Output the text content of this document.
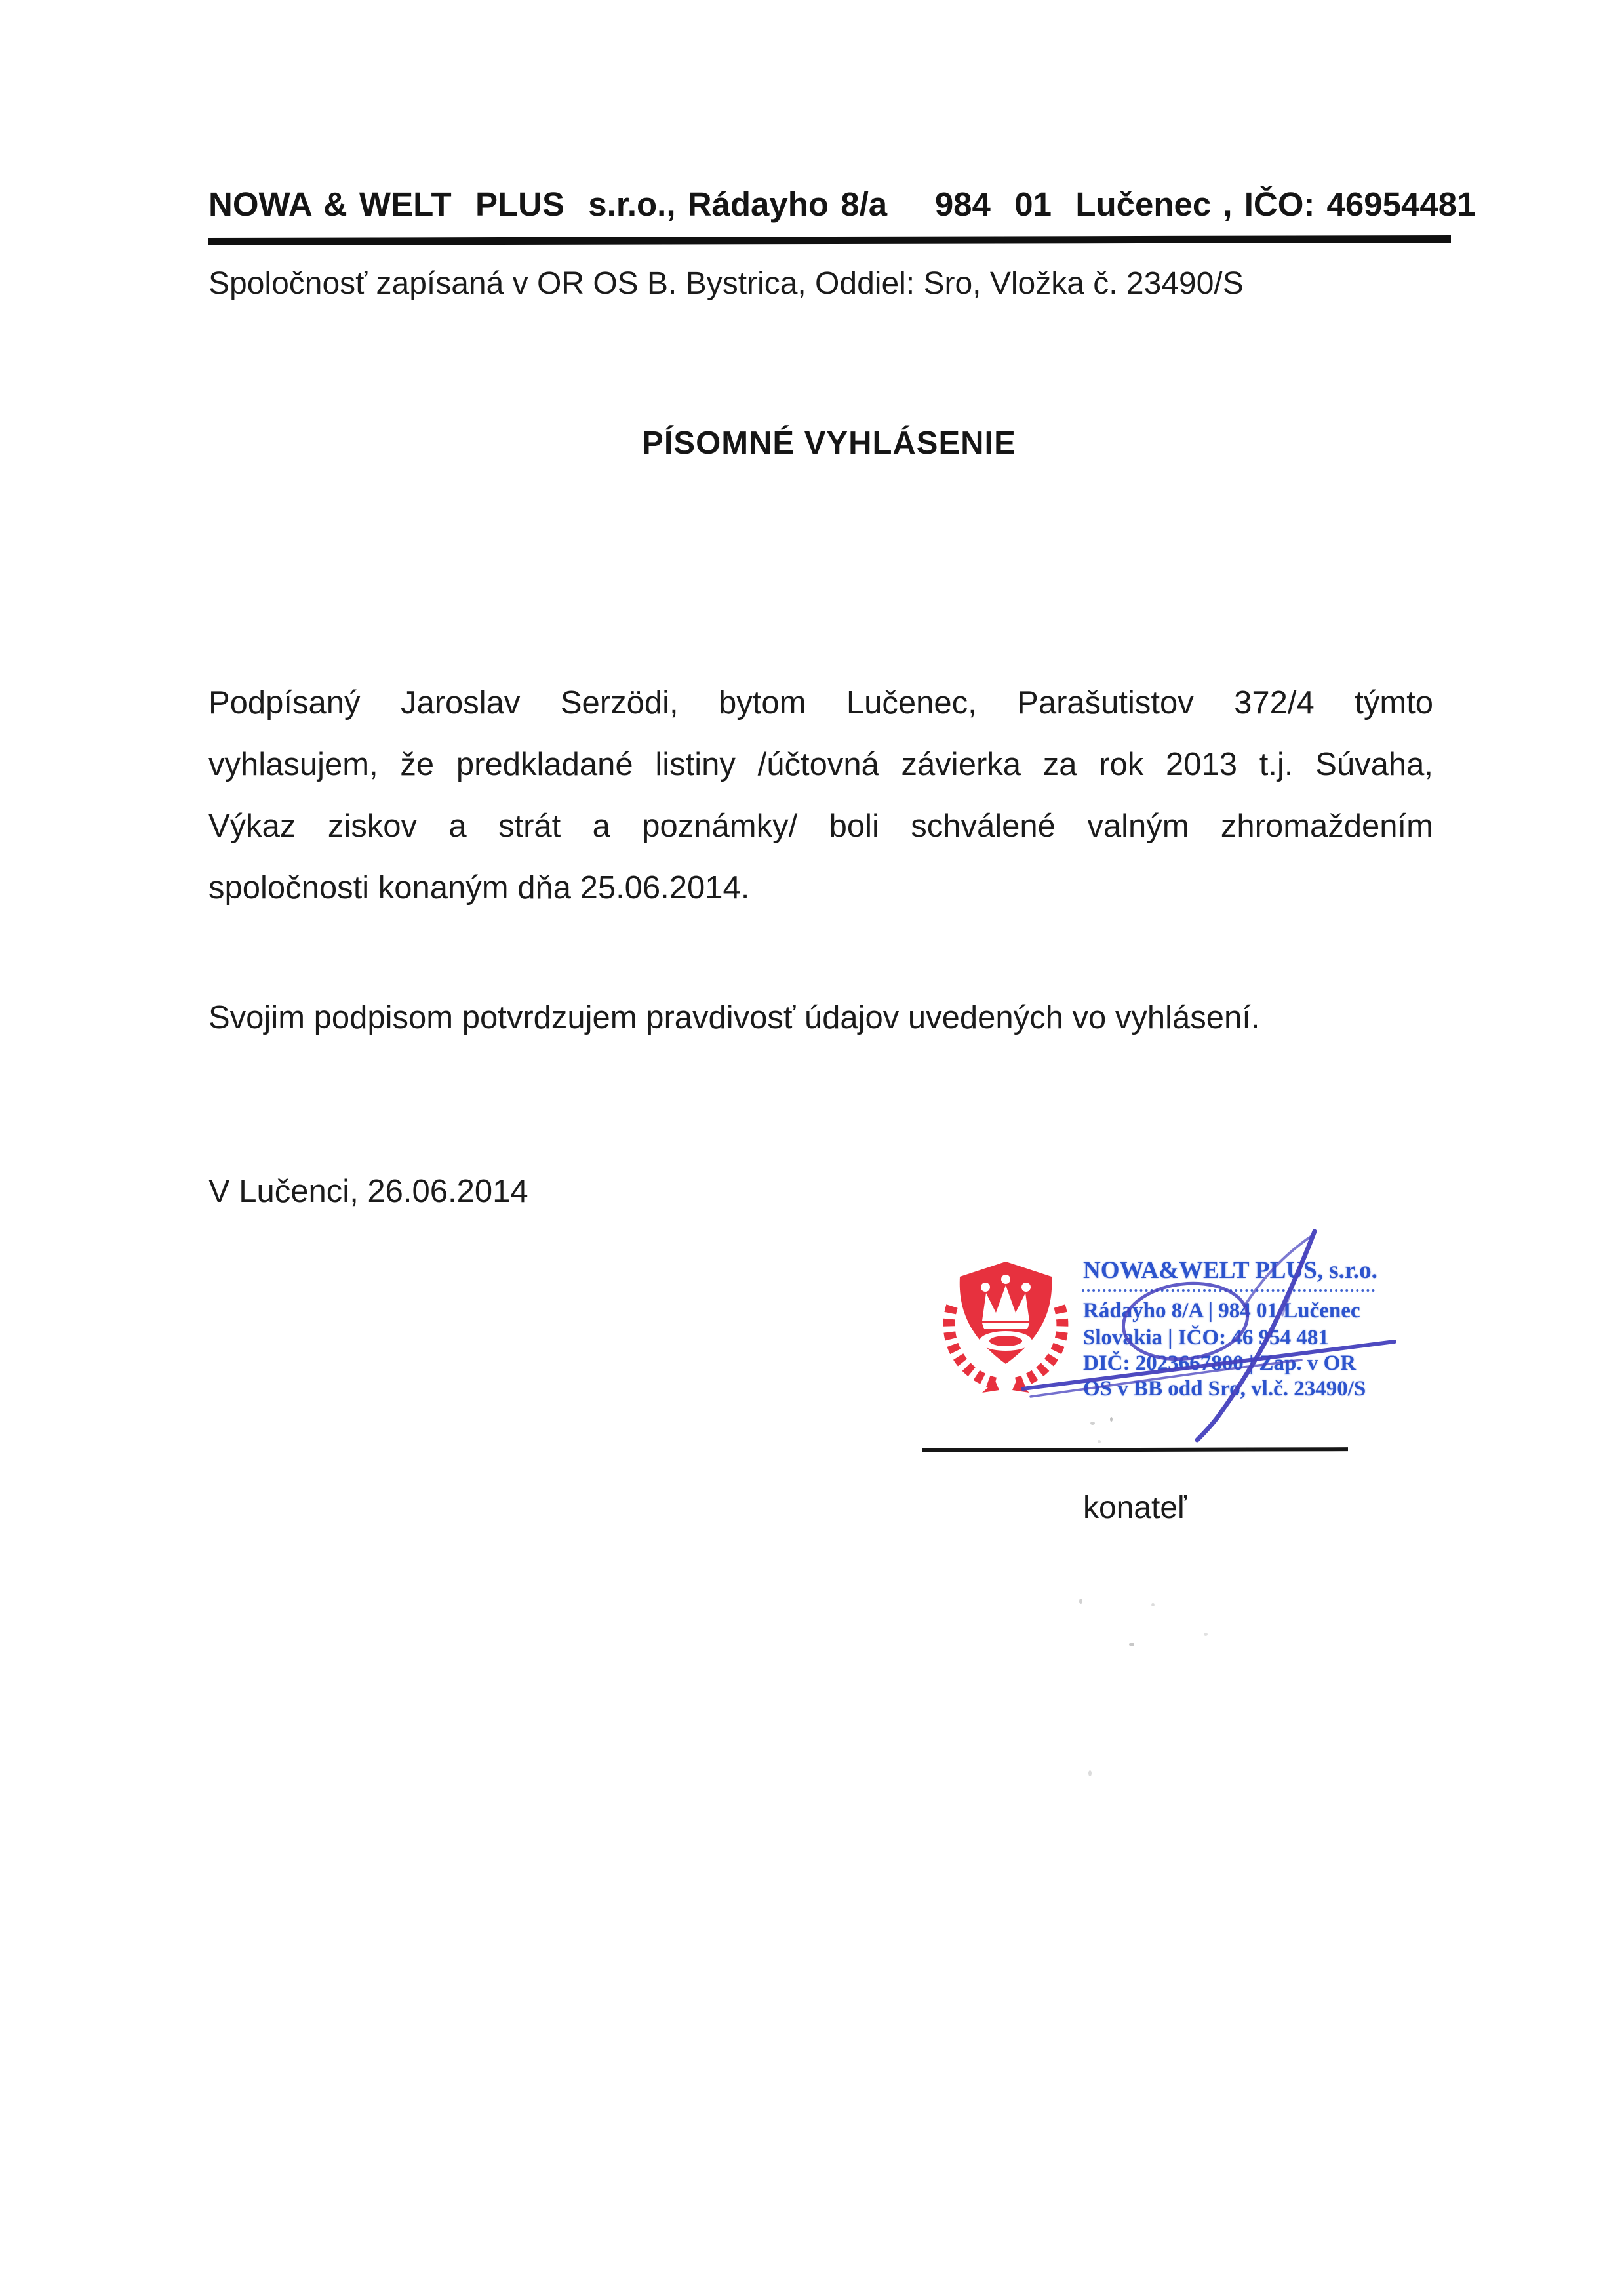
NOWA & WELT  PLUS  s.r.o., Rádayho 8/a    984  01  Lučenec , IČO: 46954481
Spoločnosť zapísaná v OR OS B. Bystrica, Oddiel: Sro, Vložka č. 23490/S
PÍSOMNÉ VYHLÁSENIE
Podpísaný Jaroslav Serzödi, bytom Lučenec, Parašutistov 372/4 týmto
vyhlasujem, že predkladané listiny /účtovná závierka za rok 2013 t.j. Súvaha,
Výkaz ziskov a strát a poznámky/ boli schválené valným zhromaždením
spoločnosti konaným dňa 25.06.2014.
Svojim podpisom potvrdzujem pravdivosť údajov uvedených vo vyhlásení.
V Lučenci, 26.06.2014
NOWA&WELT PLUS, s.r.o.
Rádayho 8/A | 984 01 Lučenec
Slovakia | IČO: 46 954 481
DIČ: 2023667800 | Zap. v OR
OS v BB odd Sro, vl.č. 23490/S
konateľ
